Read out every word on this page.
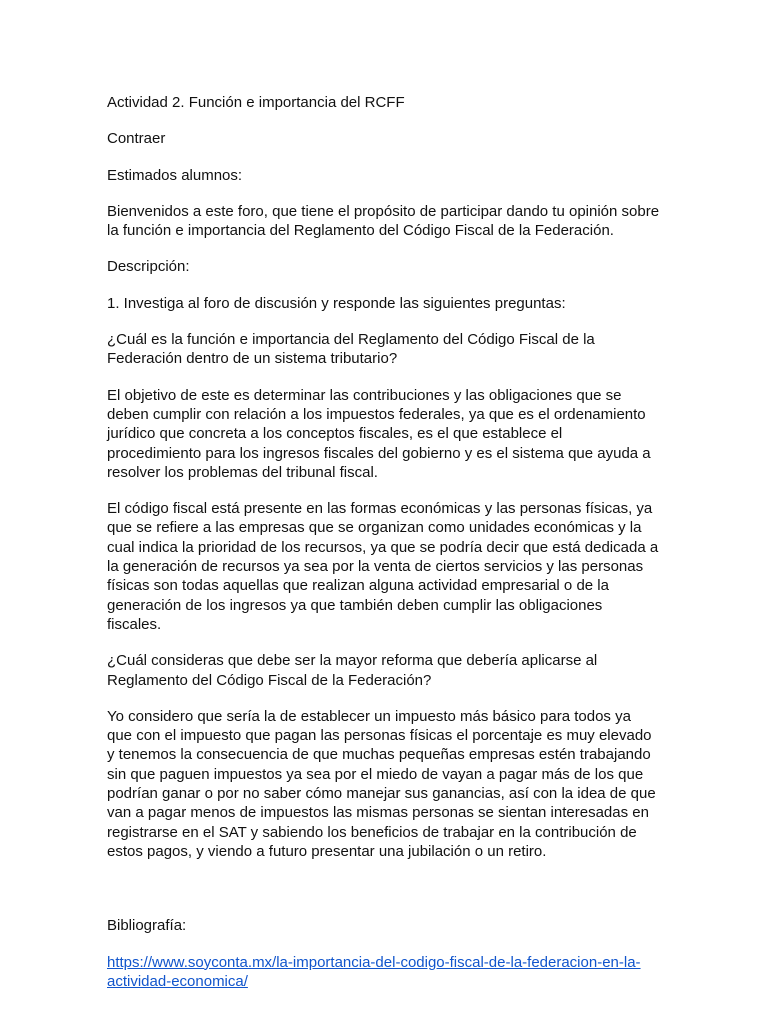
Actividad 2. Función e importancia del RCFF

Contraer

Estimados alumnos:

Bienvenidos a este foro, que tiene el propósito de participar dando tu opinión sobre
la función e importancia del Reglamento del Código Fiscal de la Federación.

Descripción:

1. Investiga al foro de discusión y responde las siguientes preguntas:

¿Cuál es la función e importancia del Reglamento del Código Fiscal de la
Federación dentro de un sistema tributario?

El objetivo de este es determinar las contribuciones y las obligaciones que se
deben cumplir con relación a los impuestos federales, ya que es el ordenamiento
jurídico que concreta a los conceptos fiscales, es el que establece el
procedimiento para los ingresos fiscales del gobierno y es el sistema que ayuda a
resolver los problemas del tribunal fiscal.

El código fiscal está presente en las formas económicas y las personas físicas, ya
que se refiere a las empresas que se organizan como unidades económicas y la
cual indica la prioridad de los recursos, ya que se podría decir que está dedicada a
la generación de recursos ya sea por la venta de ciertos servicios y las personas
físicas son todas aquellas que realizan alguna actividad empresarial o de la
generación de los ingresos ya que también deben cumplir las obligaciones
fiscales.

¿Cuál consideras que debe ser la mayor reforma que debería aplicarse al
Reglamento del Código Fiscal de la Federación?

Yo considero que sería la de establecer un impuesto más básico para todos ya
que con el impuesto que pagan las personas físicas el porcentaje es muy elevado
y tenemos la consecuencia de que muchas pequeñas empresas estén trabajando
sin que paguen impuestos ya sea por el miedo de vayan a pagar más de los que
podrían ganar o por no saber cómo manejar sus ganancias, así con la idea de que
van a pagar menos de impuestos las mismas personas se sientan interesadas en
registrarse en el SAT y sabiendo los beneficios de trabajar en la contribución de
estos pagos, y viendo a futuro presentar una jubilación o un retiro.

Bibliografía:

https://www.soyconta.mx/la-importancia-del-codigo-fiscal-de-la-federacion-en-la-
actividad-economica/
